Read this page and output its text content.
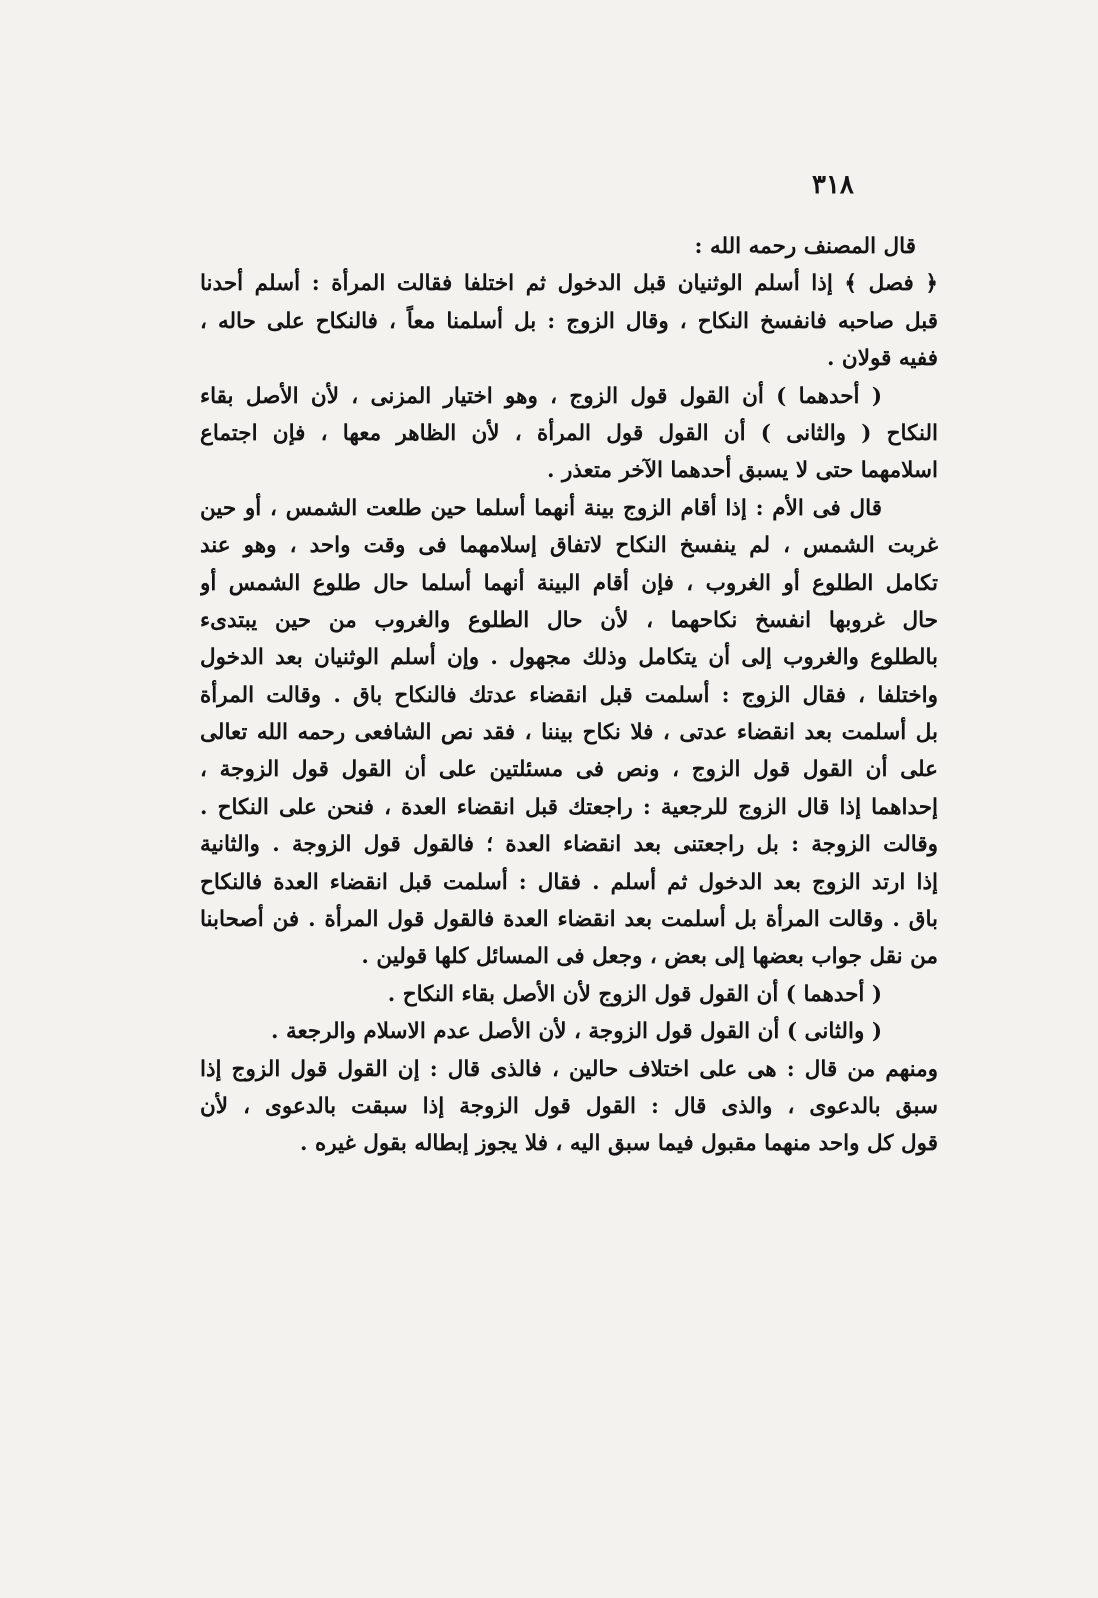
٣١٨
قال المصنف رحمه الله :
﴿ فصل ﴾ إذا أسلم الوثنيان قبل الدخول ثم اختلفا فقالت المرأة : أسلم أحدنا
قبل صاحبه فانفسخ النكاح ، وقال الزوج : بل أسلمنا معاً ، فالنكاح على حاله ،
ففيه قولان .
( أحدهما ) أن القول قول الزوج ، وهو اختيار المزنى ، لأن الأصل بقاء
النكاح ( والثانى ) أن القول قول المرأة ، لأن الظاهر معها ، فإن اجتماع
اسلامهما حتى لا يسبق أحدهما الآخر متعذر .
قال فى الأم : إذا أقام الزوج بينة أنهما أسلما حين طلعت الشمس ، أو حين
غربت الشمس ، لم ينفسخ النكاح لاتفاق إسلامهما فى وقت واحد ، وهو عند
تكامل الطلوع أو الغروب ، فإن أقام البينة أنهما أسلما حال طلوع الشمس أو
حال غروبها انفسخ نكاحهما ، لأن حال الطلوع والغروب من حين يبتدىء
بالطلوع والغروب إلى أن يتكامل وذلك مجهول . وإن أسلم الوثنيان بعد الدخول
واختلفا ، فقال الزوج : أسلمت قبل انقضاء عدتك فالنكاح باق . وقالت المرأة
بل أسلمت بعد انقضاء عدتى ، فلا نكاح بيننا ، فقد نص الشافعى رحمه الله تعالى
على أن القول قول الزوج ، ونص فى مسئلتين على أن القول قول الزوجة ،
إحداهما إذا قال الزوج للرجعية : راجعتك قبل انقضاء العدة ، فنحن على النكاح .
وقالت الزوجة : بل راجعتنى بعد انقضاء العدة ؛ فالقول قول الزوجة . والثانية
إذا ارتد الزوج بعد الدخول ثم أسلم . فقال : أسلمت قبل انقضاء العدة فالنكاح
باق . وقالت المرأة بل أسلمت بعد انقضاء العدة فالقول قول المرأة . فن أصحابنا
من نقل جواب بعضها إلى بعض ، وجعل فى المسائل كلها قولين .
( أحدهما ) أن القول قول الزوج لأن الأصل بقاء النكاح .
( والثانى ) أن القول قول الزوجة ، لأن الأصل عدم الاسلام والرجعة .
ومنهم من قال : هى على اختلاف حالين ، فالذى قال : إن القول قول الزوج إذا
سبق بالدعوى ، والذى قال : القول قول الزوجة إذا سبقت بالدعوى ، لأن
قول كل واحد منهما مقبول فيما سبق اليه ، فلا يجوز إبطاله بقول غيره .
